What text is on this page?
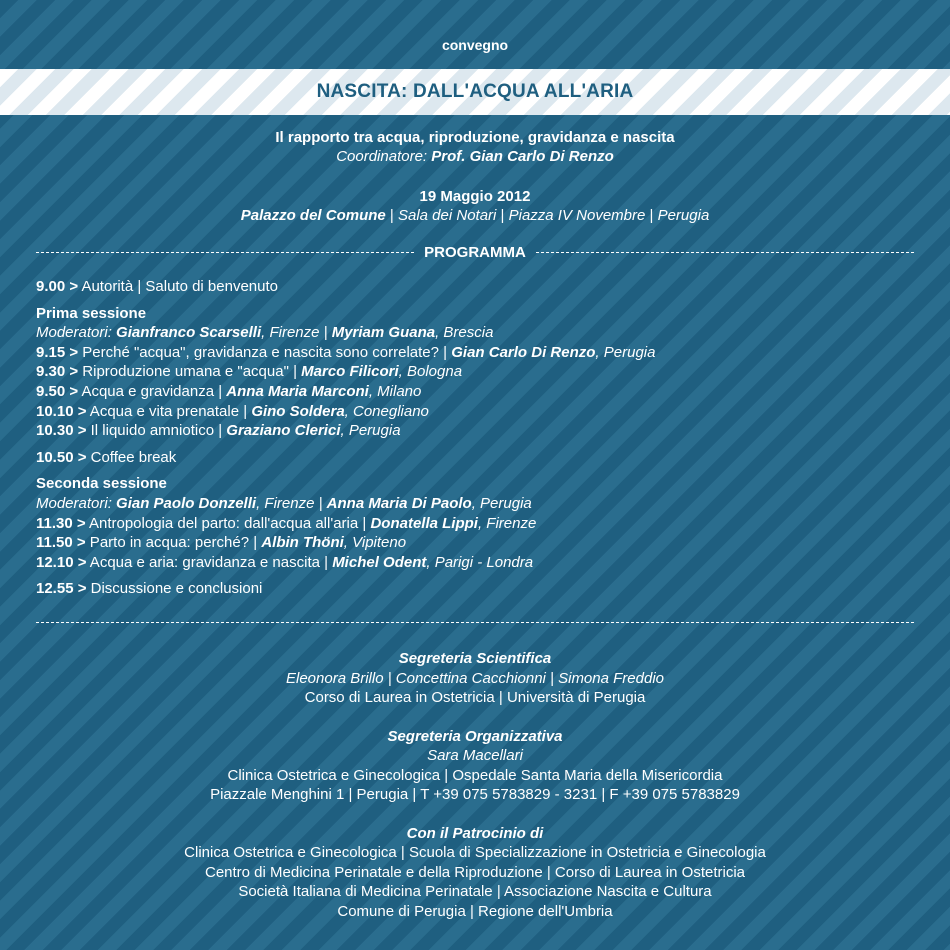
convegno
NASCITA: DALL'ACQUA ALL'ARIA
Il rapporto tra acqua, riproduzione, gravidanza e nascita
Coordinatore: Prof. Gian Carlo Di Renzo
19 Maggio 2012
Palazzo del Comune | Sala dei Notari | Piazza IV Novembre | Perugia
PROGRAMMA
9.00 > Autorità | Saluto di benvenuto
Prima sessione
Moderatori: Gianfranco Scarselli, Firenze | Myriam Guana, Brescia
9.15 > Perché "acqua", gravidanza e nascita sono correlate? | Gian Carlo Di Renzo, Perugia
9.30 > Riproduzione umana e "acqua" | Marco Filicori, Bologna
9.50 > Acqua e gravidanza | Anna Maria Marconi, Milano
10.10 > Acqua e vita prenatale | Gino Soldera, Conegliano
10.30 > Il liquido amniotico | Graziano Clerici, Perugia
10.50 > Coffee break
Seconda sessione
Moderatori: Gian Paolo Donzelli, Firenze | Anna Maria Di Paolo, Perugia
11.30 > Antropologia del parto: dall'acqua all'aria | Donatella Lippi, Firenze
11.50 > Parto in acqua: perché? | Albin Thöni, Vipiteno
12.10 > Acqua e aria: gravidanza e nascita | Michel Odent, Parigi - Londra
12.55 > Discussione e conclusioni
Segreteria Scientifica
Eleonora Brillo | Concettina Cacchionni | Simona Freddio
Corso di Laurea in Ostetricia | Università di Perugia
Segreteria Organizzativa
Sara Macellari
Clinica Ostetrica e Ginecologica | Ospedale Santa Maria della Misericordia
Piazzale Menghini 1 | Perugia | T +39 075 5783829 - 3231 | F +39 075 5783829
Con il Patrocinio di
Clinica Ostetrica e Ginecologica | Scuola di Specializzazione in Ostetricia e Ginecologia
Centro di Medicina Perinatale e della Riproduzione | Corso di Laurea in Ostetricia
Società Italiana di Medicina Perinatale | Associazione Nascita e Cultura
Comune di Perugia | Regione dell'Umbria
